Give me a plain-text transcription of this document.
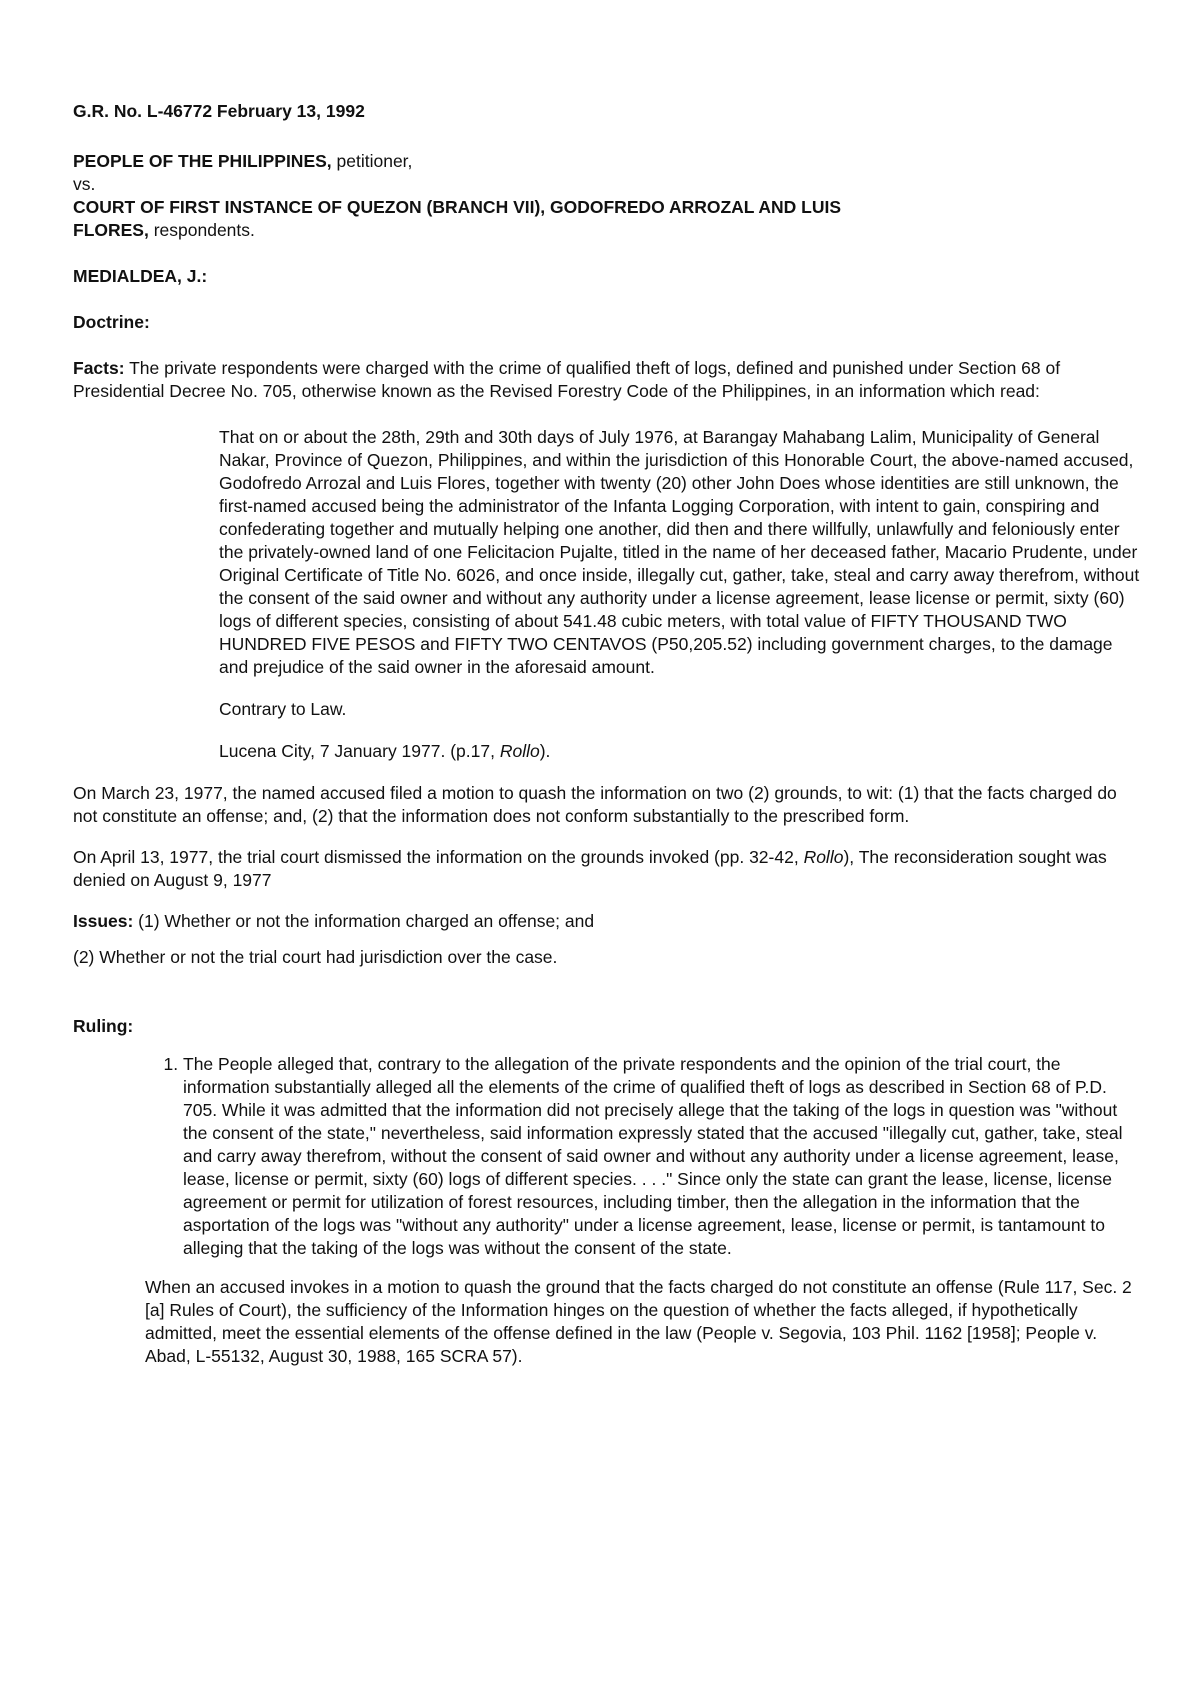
G.R. No. L-46772 February 13, 1992

PEOPLE OF THE PHILIPPINES, petitioner,

vs.

COURT OF FIRST INSTANCE OF QUEZON (BRANCH VII), GODOFREDO ARROZAL AND LUIS

FLORES, respondents.

MEDIALDEA, J.:

Doctrine:

Facts: The private respondents were charged with the crime of qualified theft of logs, defined and punished under Section 68 of Presidential Decree No. 705, otherwise known as the Revised Forestry Code of the Philippines, in an information which read:

That on or about the 28th, 29th and 30th days of July 1976, at Barangay Mahabang Lalim, Municipality of General Nakar, Province of Quezon, Philippines, and within the jurisdiction of this Honorable Court, the above-named accused, Godofredo Arrozal and Luis Flores, together with twenty (20) other John Does whose identities are still unknown, the first-named accused being the administrator of the Infanta Logging Corporation, with intent to gain, conspiring and confederating together and mutually helping one another, did then and there willfully, unlawfully and feloniously enter the privately-owned land of one Felicitacion Pujalte, titled in the name of her deceased father, Macario Prudente, under Original Certificate of Title No. 6026, and once inside, illegally cut, gather, take, steal and carry away therefrom, without the consent of the said owner and without any authority under a license agreement, lease license or permit, sixty (60) logs of different species, consisting of about 541.48 cubic meters, with total value of FIFTY THOUSAND TWO HUNDRED FIVE PESOS and FIFTY TWO CENTAVOS (P50,205.52) including government charges, to the damage and prejudice of the said owner in the aforesaid amount.

Contrary to Law.

Lucena City, 7 January 1977. (p.17, Rollo).

On March 23, 1977, the named accused filed a motion to quash the information on two (2) grounds, to wit: (1) that the facts charged do not constitute an offense; and, (2) that the information does not conform substantially to the prescribed form.

On April 13, 1977, the trial court dismissed the information on the grounds invoked (pp. 32-42, Rollo), The reconsideration sought was denied on August 9, 1977

Issues: (1) Whether or not the information charged an offense; and

(2) Whether or not the trial court had jurisdiction over the case.

Ruling:

1. The People alleged that, contrary to the allegation of the private respondents and the opinion of the trial court, the information substantially alleged all the elements of the crime of qualified theft of logs as described in Section 68 of P.D. 705. While it was admitted that the information did not precisely allege that the taking of the logs in question was "without the consent of the state," nevertheless, said information expressly stated that the accused "illegally cut, gather, take, steal and carry away therefrom, without the consent of said owner and without any authority under a license agreement, lease, lease, license or permit, sixty (60) logs of different species. . . ." Since only the state can grant the lease, license, license agreement or permit for utilization of forest resources, including timber, then the allegation in the information that the asportation of the logs was "without any authority" under a license agreement, lease, license or permit, is tantamount to alleging that the taking of the logs was without the consent of the state.

When an accused invokes in a motion to quash the ground that the facts charged do not constitute an offense (Rule 117, Sec. 2 [a] Rules of Court), the sufficiency of the Information hinges on the question of whether the facts alleged, if hypothetically admitted, meet the essential elements of the offense defined in the law (People v. Segovia, 103 Phil. 1162 [1958]; People v. Abad, L-55132, August 30, 1988, 165 SCRA 57).
